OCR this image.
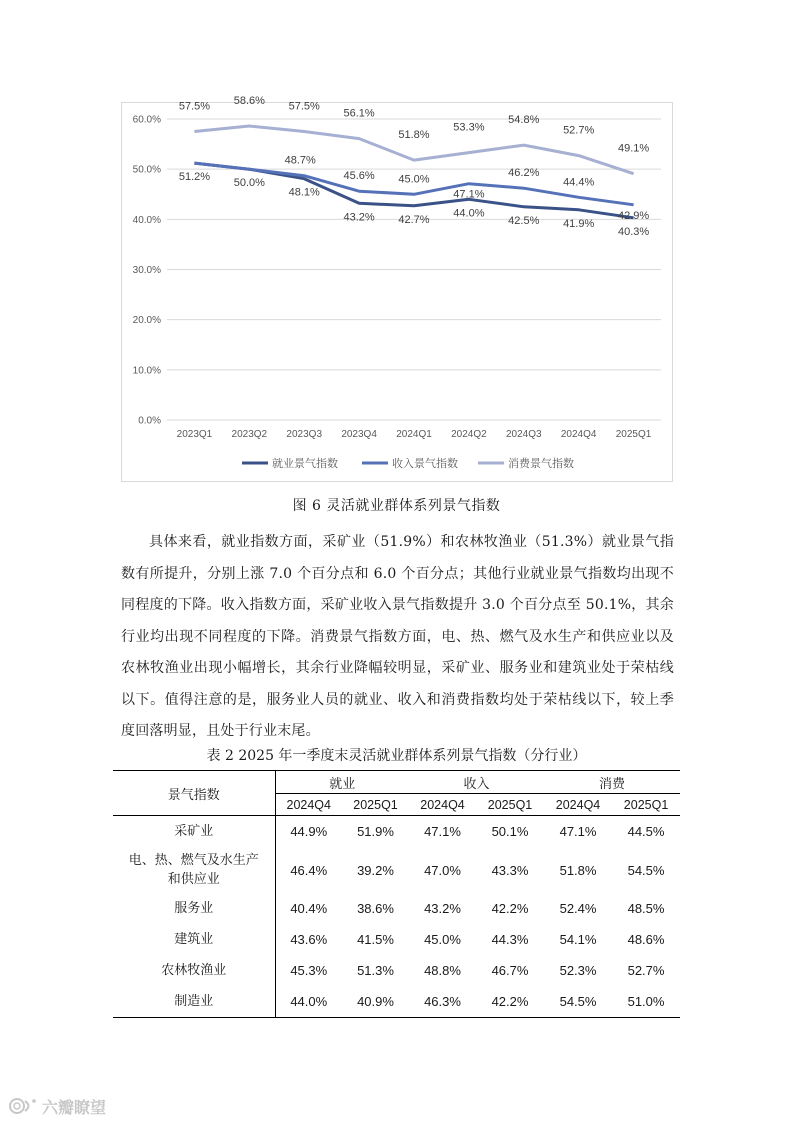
0.0%
10.0%
20.0%
30.0%
40.0%
50.0%
60.0%
2023Q1 2023Q2 2023Q3 2023Q4 2024Q1 2024Q2 2024Q3 2024Q4 2025Q1
51.2%
50.0%
48.1%
43.2% 42.7%
44.0%
42.5% 41.9%
40.3%
48.7%
45.6% 45.0%
47.1%
46.2%
44.4%
42.9%
57.5% 58.6% 57.5%
56.1%
51.8%
53.3%
54.8%
52.7%
49.1%
就业景气指数	收入景气指数	消费景气指数
图 6 灵活就业群体系列景气指数

具体来看，就业指数方面，采矿业（51.9%）和农林牧渔业（51.3%）就业景气指数有所提升，分别上涨 7.0 个百分点和 6.0 个百分点；其他行业就业景气指数均出现不同程度的下降。收入指数方面，采矿业收入景气指数提升 3.0 个百分点至 50.1%，其余行业均出现不同程度的下降。消费景气指数方面，电、热、燃气及水生产和供应业以及农林牧渔业出现小幅增长，其余行业降幅较明显，采矿业、服务业和建筑业处于荣枯线以下。值得注意的是，服务业人员的就业、收入和消费指数均处于荣枯线以下，较上季度回落明显，且处于行业末尾。

表 2 2025 年一季度末灵活就业群体系列景气指数（分行业）
景气指数	就业		收入		消费	
	2024Q4	2025Q1	2024Q4	2025Q1	2024Q4	2025Q1

采矿业	44.9%	51.9%	47.1%	50.1%	47.1%	44.5%

电、热、燃气及水生产
和供应业	46.4%	39.2%	47.0%	43.3%	51.8%	54.5%

服务业	40.4%	38.6%	43.2%	42.2%	52.4%	48.5%

建筑业	43.6%	41.5%	45.0%	44.3%	54.1%	48.6%

农林牧渔业	45.3%	51.3%	48.8%	46.7%	52.3%	52.7%

制造业	44.0%	40.9%	46.3%	42.2%	54.5%	51.0%
六瓣瞭望
